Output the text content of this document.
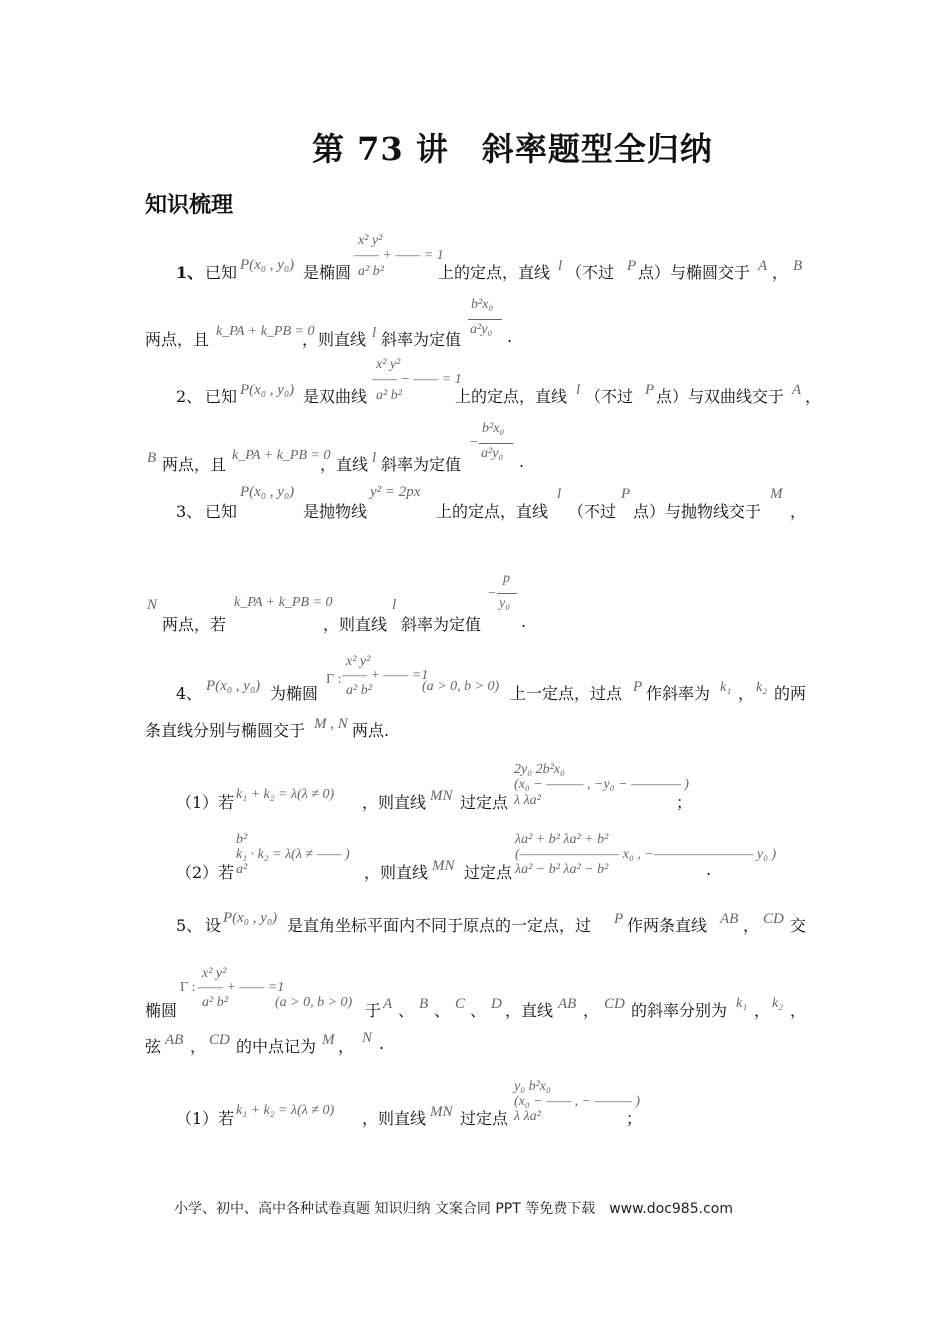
第 73 讲　斜率题型全归纳
知识梳理
1、 已知 P(x₀ , y₀) 是椭圆
x² y²
—— + —— = 1
a² b²	上的定点，直线 l （不过 P 点）与椭圆交于 A ， B
两点，且 k_PA + k_PB = 0
，则直线 l 斜率为定值
b²x₀
a²y₀ .
2、 已知 P(x₀ , y₀) 是双曲线
x² y²
—— − —— = 1
a² b²	上的定点，直线 l （不过 P 点）与双曲线交于 A ，
B 两点，且 k_PA + k_PB = 0
，直线 l 斜率为定值
−
b²x₀
a²y₀ .
3、 已知
P(x₀ , y₀)
是抛物线
y² = 2px
上的定点，直线
l
（不过
P
点）与抛物线交于
M
，
N
两点，若
k_PA + k_PB = 0
，则直线
l
斜率为定值
−
p
y₀
.
4、 P(x₀ , y₀) 为椭圆
Γ :
x² y²
—— + —— =1
a² b²	(a > 0, b > 0) 上一定点，过点 P 作斜率为 k₁ ， k₂ 的两
条直线分别与椭圆交于 M , N 两点.
（1）若 k₁ + k₂ = λ(λ ≠ 0) ，则直线 MN 过定点
2y₀ 2b²x₀
(x₀ − ——— , −y₀ − ———— )
λ λa²	；
（2）若
b²
k₁ · k₂ = λ(λ ≠ —— )
a²	，则直线 MN 过定点
λa² + b² λa² + b²
(———————— x₀ , −———————— y₀ )
λa² − b² λa² − b²	.
5、 设 P(x₀ , y₀) 是直角坐标平面内不同于原点的一定点，过 P 作两条直线 AB ， CD 交
椭圆
Γ :
x² y²
—— + —— =1
a² b²	(a > 0, b > 0) 于 A 、 B 、 C 、 D ，直线 AB ， CD 的斜率分别为 k₁ ， k₂ ，
弦 AB ， CD 的中点记为 M ， N .
（1）若 k₁ + k₂ = λ(λ ≠ 0) ，则直线 MN 过定点
y₀ b²x₀
(x₀ − —— , − ——— )
λ λa²	；
小学、初中、高中各种试卷真题 知识归纳 文案合同 PPT 等免费下载　www.doc985.com
